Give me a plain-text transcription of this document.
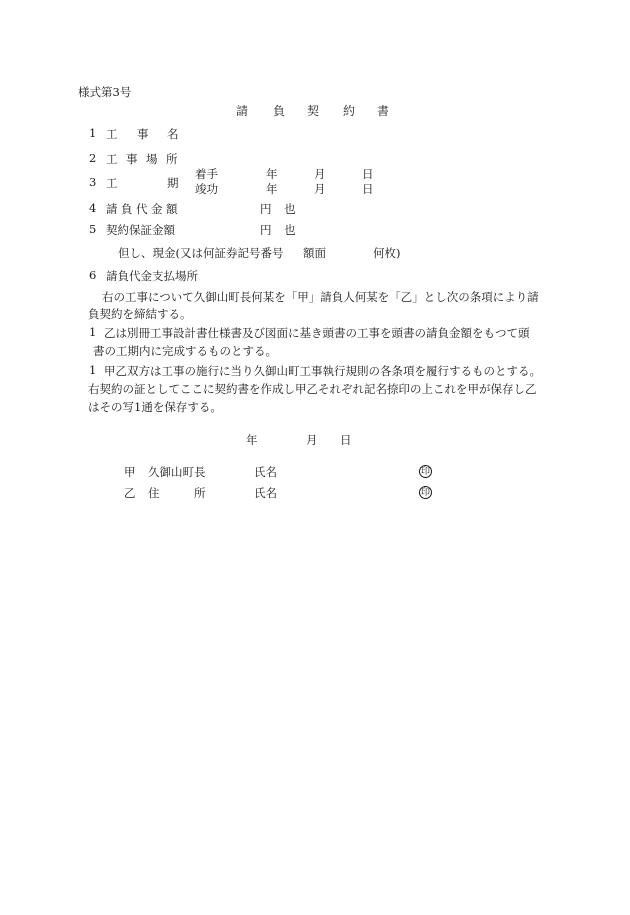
様式第3号
請 負 契 約 書
1 工 事 名
2 工 事 場 所
3 工	期
着手	年	月	日
竣功	年	月	日
4 請 負 代 金 額	円 也
5 契約保証金額	円 也
但し、現金(又は何証券記号番号 額面	何枚)
6 請負代金支払場所
右の工事について久御山町長何某を「甲」請負人何某を「乙」とし次の条項により請
負契約を締結する。
1 乙は別冊工事設計書仕様書及び図面に基き頭書の工事を頭書の請負金額をもつて頭
書の工期内に完成するものとする。
1 甲乙双方は工事の施行に当り久御山町工事執行規則の各条項を履行するものとする。
右契約の証としてここに契約書を作成し甲乙それぞれ記名捺印の上これを甲が保存し乙
はその写1通を保存する。
年	月 日
甲 久御山町長	氏名	印
乙 住	所	氏名	印
